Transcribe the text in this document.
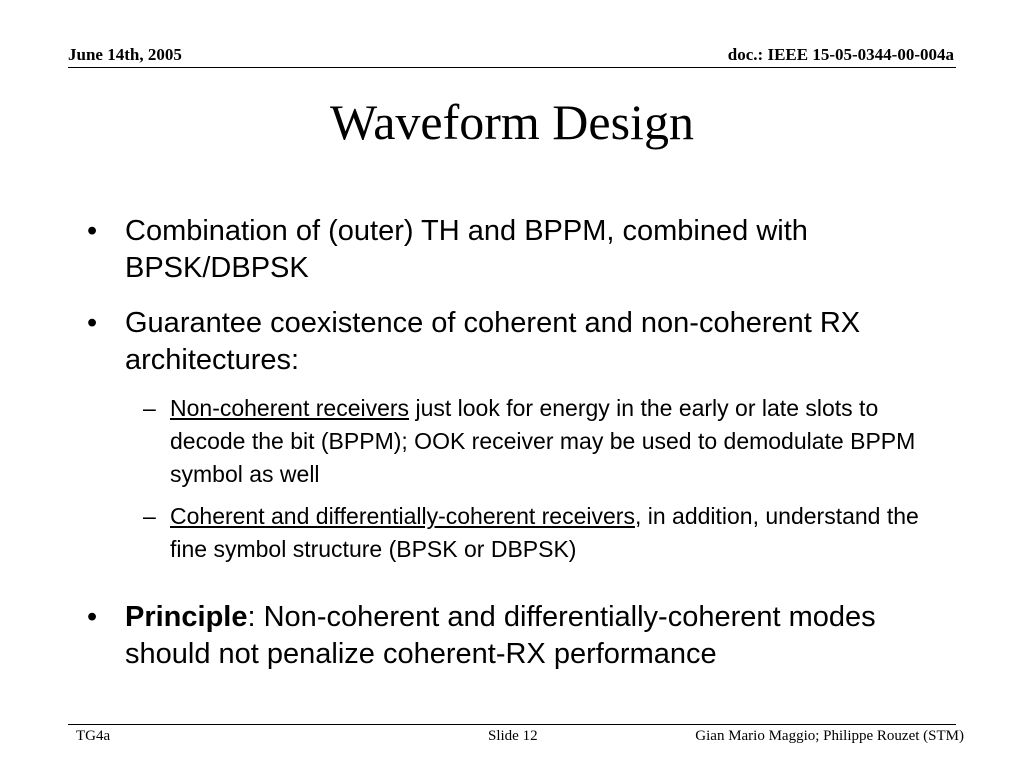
June 14th, 2005	doc.: IEEE 15-05-0344-00-004a
Waveform Design
• Combination of (outer) TH and BPPM, combined with BPSK/DBPSK
• Guarantee coexistence of coherent and non-coherent RX architectures:
– Non-coherent receivers just look for energy in the early or late slots to decode the bit (BPPM); OOK receiver may be used to demodulate BPPM symbol as well
– Coherent and differentially-coherent receivers, in addition, understand the fine symbol structure (BPSK or DBPSK)
• Principle: Non-coherent and differentially-coherent modes should not penalize coherent-RX performance
TG4a	Slide 12	Gian Mario Maggio; Philippe Rouzet (STM)
